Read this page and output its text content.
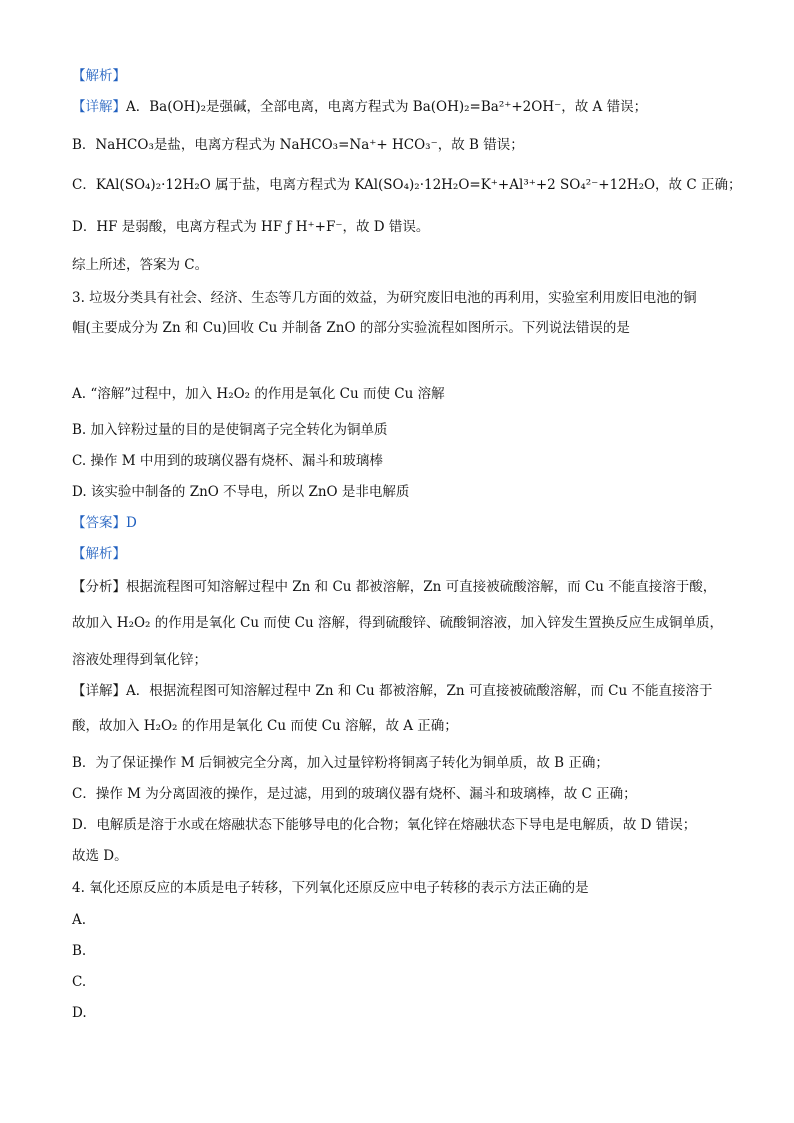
【解析】
【详解】A．Ba(OH)₂是强碱，全部电离，电离方程式为 Ba(OH)₂=Ba²⁺+2OH⁻，故 A 错误；
B．NaHCO₃是盐，电离方程式为 NaHCO₃=Na⁺+ HCO₃⁻，故 B 错误；
C．KAl(SO₄)₂·12H₂O 属于盐，电离方程式为 KAl(SO₄)₂·12H₂O=K⁺+Al³⁺+2 SO₄²⁻+12H₂O，故 C 正确；
D．HF 是弱酸，电离方程式为 HF ƒ H⁺+F⁻，故 D 错误。
综上所述，答案为 C。
3. 垃圾分类具有社会、经济、生态等几方面的效益，为研究废旧电池的再利用，实验室利用废旧电池的铜
帽(主要成分为 Zn 和 Cu)回收 Cu 并制备 ZnO 的部分实验流程如图所示。下列说法错误的是
A. “溶解”过程中，加入 H₂O₂ 的作用是氧化 Cu 而使 Cu 溶解
B. 加入锌粉过量的目的是使铜离子完全转化为铜单质
C. 操作 M 中用到的玻璃仪器有烧杯、漏斗和玻璃棒
D. 该实验中制备的 ZnO 不导电，所以 ZnO 是非电解质
【答案】D
【解析】
【分析】根据流程图可知溶解过程中 Zn 和 Cu 都被溶解，Zn 可直接被硫酸溶解，而 Cu 不能直接溶于酸，
故加入 H₂O₂ 的作用是氧化 Cu 而使 Cu 溶解，得到硫酸锌、硫酸铜溶液，加入锌发生置换反应生成铜单质，
溶液处理得到氧化锌；
【详解】A．根据流程图可知溶解过程中 Zn 和 Cu 都被溶解，Zn 可直接被硫酸溶解，而 Cu 不能直接溶于
酸，故加入 H₂O₂ 的作用是氧化 Cu 而使 Cu 溶解，故 A 正确；
B．为了保证操作 M 后铜被完全分离，加入过量锌粉将铜离子转化为铜单质，故 B 正确；
C．操作 M 为分离固液的操作，是过滤，用到的玻璃仪器有烧杯、漏斗和玻璃棒，故 C 正确；
D．电解质是溶于水或在熔融状态下能够导电的化合物；氧化锌在熔融状态下导电是电解质，故 D 错误；
故选 D。
4. 氧化还原反应的本质是电子转移，下列氧化还原反应中电子转移的表示方法正确的是
A.
B.
C.
D.
